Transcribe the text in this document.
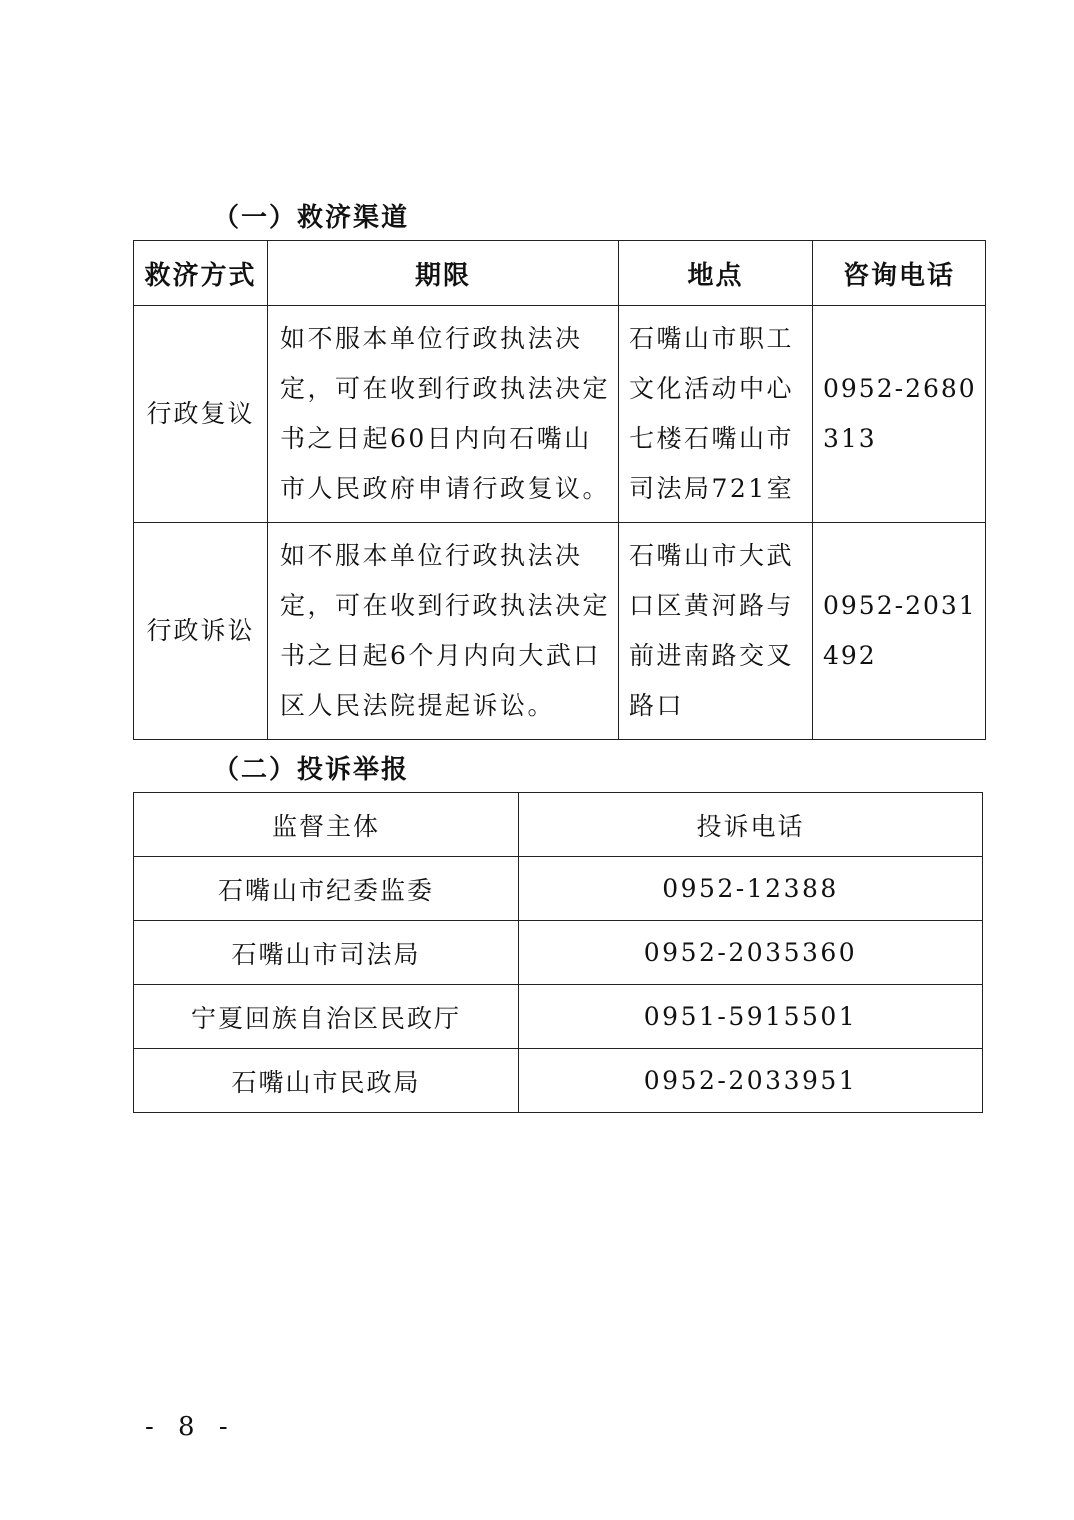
（一）救济渠道
救济方式	期限	地点	咨询电话
行政复议	如不服本单位行政执法决定，可在收到行政执法决定书之日起60日内向石嘴山市人民政府申请行政复议。	石嘴山市职工文化活动中心七楼石嘴山市司法局721室	0952-2680313
行政诉讼	如不服本单位行政执法决定，可在收到行政执法决定书之日起6个月内向大武口区人民法院提起诉讼。	石嘴山市大武口区黄河路与前进南路交叉路口	0952-2031492
（二）投诉举报
监督主体	投诉电话
石嘴山市纪委监委	0952-12388
石嘴山市司法局	0952-2035360
宁夏回族自治区民政厅	0951-5915501
石嘴山市民政局	0952-2033951
- 8 -
